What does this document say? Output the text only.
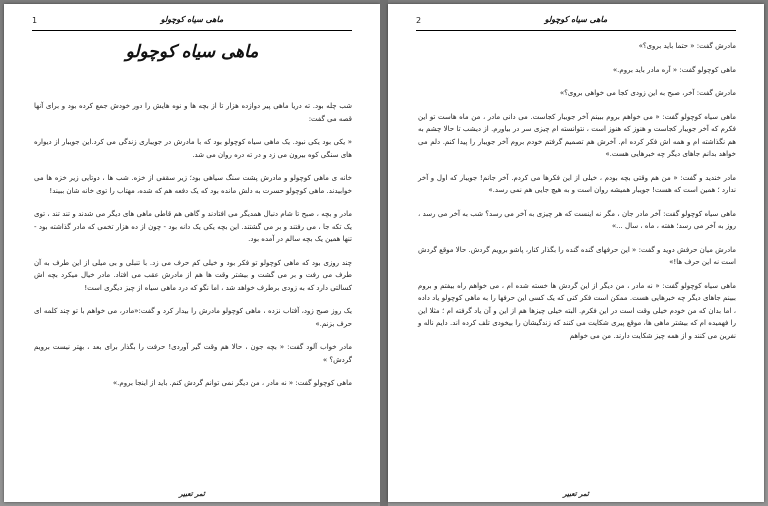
1	ماهی سیاه کوچولو
ماهی سیاه کوچولو

شب چله بود. ته دریا ماهی پیر دوازده هزار تا از بچه ها و نوه هایش را دور خودش جمع کرده بود و برای آنها قصه می گفت:

« یکی بود یکی نبود. یک ماهی سیاه کوچولو بود که با مادرش در جویباری زندگی می کرد.این جویبار از دیواره های سنگی کوه بیرون می زد و در ته دره روان می شد.

خانه ی ماهی کوچولو و مادرش پشت سنگ سیاهی بود؛ زیر سقفی از خزه. شب ها ، دوتایی زیر خزه ها می خوابیدند. ماهی کوچولو حسرت به دلش مانده بود که یک دفعه هم که شده، مهتاب را توی خانه شان ببیند!

مادر و بچه ، صبح تا شام دنبال همدیگر می افتادند و گاهی هم قاطی ماهی های دیگر می شدند و تند تند ، توی یک تکه جا ، می رفتند و بر می گشتند. این بچه یکی یک دانه بود - چون از ده هزار تخمی که مادر گذاشته بود - تنها همین یک بچه سالم در آمده بود.

چند روزی بود که ماهی کوچولو تو فکر بود و خیلی کم حرف می زد. با تنبلی و بی میلی از این طرف به آن طرف می رفت و بر می گشت و بیشتر وقت ها هم از مادرش عقب می افتاد. مادر خیال میکرد بچه اش کسالتی دارد که به زودی برطرف خواهد شد ، اما نگو که درد ماهی سیاه از چیز دیگری است!

یک روز صبح زود، آفتاب نزده ، ماهی کوچولو مادرش را بیدار کرد و گفت:«مادر، می خواهم با تو چند کلمه ای حرف بزنم.»

مادر خواب آلود گفت: « بچه جون ، حالا هم وقت گیر آوردی! حرفت را بگذار برای بعد ، بهتر نیست برویم گردش؟ »

ماهی کوچولو گفت: « نه مادر ، من دیگر نمی توانم گردش کنم. باید از اینجا بروم.»

ثمر تعبیر
2	ماهی سیاه کوچولو

مادرش گفت: « حتما باید بروی؟»

ماهی کوچولو گفت: « آره مادر باید بروم.»

مادرش گفت: آخر، صبح به این زودی کجا می خواهی بروی؟»

ماهی سیاه کوچولو گفت: « می خواهم بروم ببینم آخر جویبار کجاست. می دانی مادر ، من ماه هاست تو این فکرم که آخر جویبار کجاست و هنوز که هنوز است ، نتوانسته ام چیزی سر در بیاورم. از دیشب تا حالا چشم به هم نگذاشته ام و همه اش فکر کرده ام. آخرش هم تصمیم گرفتم خودم بروم آخر جویبار را پیدا کنم. دلم می خواهد بدانم جاهای دیگر چه خبرهایی هست.»

مادر خندید و گفت: « من هم وقتی بچه بودم ، خیلی از این فکرها می کردم. آخر جانم! جویبار که اول و آخر ندارد ؛ همین است که هست! جویبار همیشه روان است و به هیچ جایی هم نمی رسد.»

ماهی سیاه کوچولو گفت: آخر مادر جان ، مگر نه اینست که هر چیزی به آخر می رسد؟ شب به آخر می رسد ، روز به آخر می رسد؛ هفته ، ماه ، سال ...»

مادرش میان حرفش دوید و گفت: « این حرفهای گنده گنده را بگذار کنار، پاشو برویم گردش. حالا موقع گردش است نه این حرف ها!»

ماهی سیاه کوچولو گفت: « نه مادر ، من دیگر از این گردش ها خسته شده ام ، می خواهم راه بیفتم و بروم ببینم جاهای دیگر چه خبرهایی هست. ممکن است فکر کنی که یک کسی این حرفها را به ماهی کوچولو یاد داده ، اما بدان که من خودم خیلی وقت است در این فکرم. البته خیلی چیزها هم از این و آن یاد گرفته ام ؛ مثلا این را فهمیده ام که بیشتر ماهی ها، موقع پیری شکایت می کنند که زندگیشان را بیخودی تلف کرده اند. دایم ناله و نفرین می کنند و از همه چیز شکایت دارند. من می خواهم

ثمر تعبیر
